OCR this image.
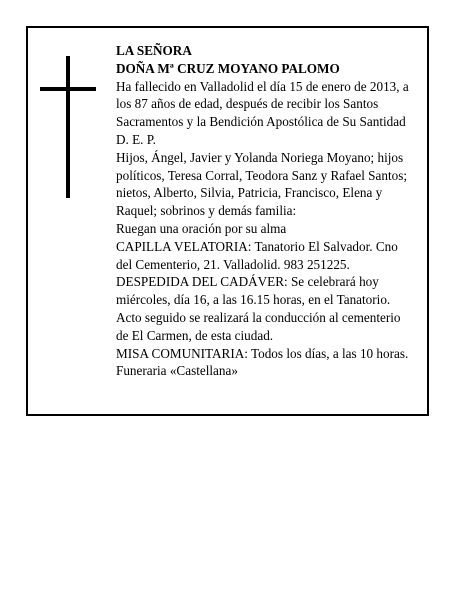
LA SEÑORA
DOÑA Mª CRUZ MOYANO PALOMO
Ha fallecido en Valladolid el día 15 de enero de 2013, a
los 87 años de edad, después de recibir los Santos
Sacramentos y la Bendición Apostólica de Su Santidad
D. E. P.
Hijos, Ángel, Javier y Yolanda Noriega Moyano; hijos
políticos, Teresa Corral, Teodora Sanz y Rafael Santos;
nietos, Alberto, Silvia, Patricia, Francisco, Elena y
Raquel; sobrinos y demás familia:
Ruegan una oración por su alma
CAPILLA VELATORIA: Tanatorio El Salvador. Cno
del Cementerio, 21. Valladolid. 983 251225.
DESPEDIDA DEL CADÁVER: Se celebrará hoy
miércoles, día 16, a las 16.15 horas, en el Tanatorio.
Acto seguido se realizará la conducción al cementerio
de El Carmen, de esta ciudad.
MISA COMUNITARIA: Todos los días, a las 10 horas.
Funeraria «Castellana»
